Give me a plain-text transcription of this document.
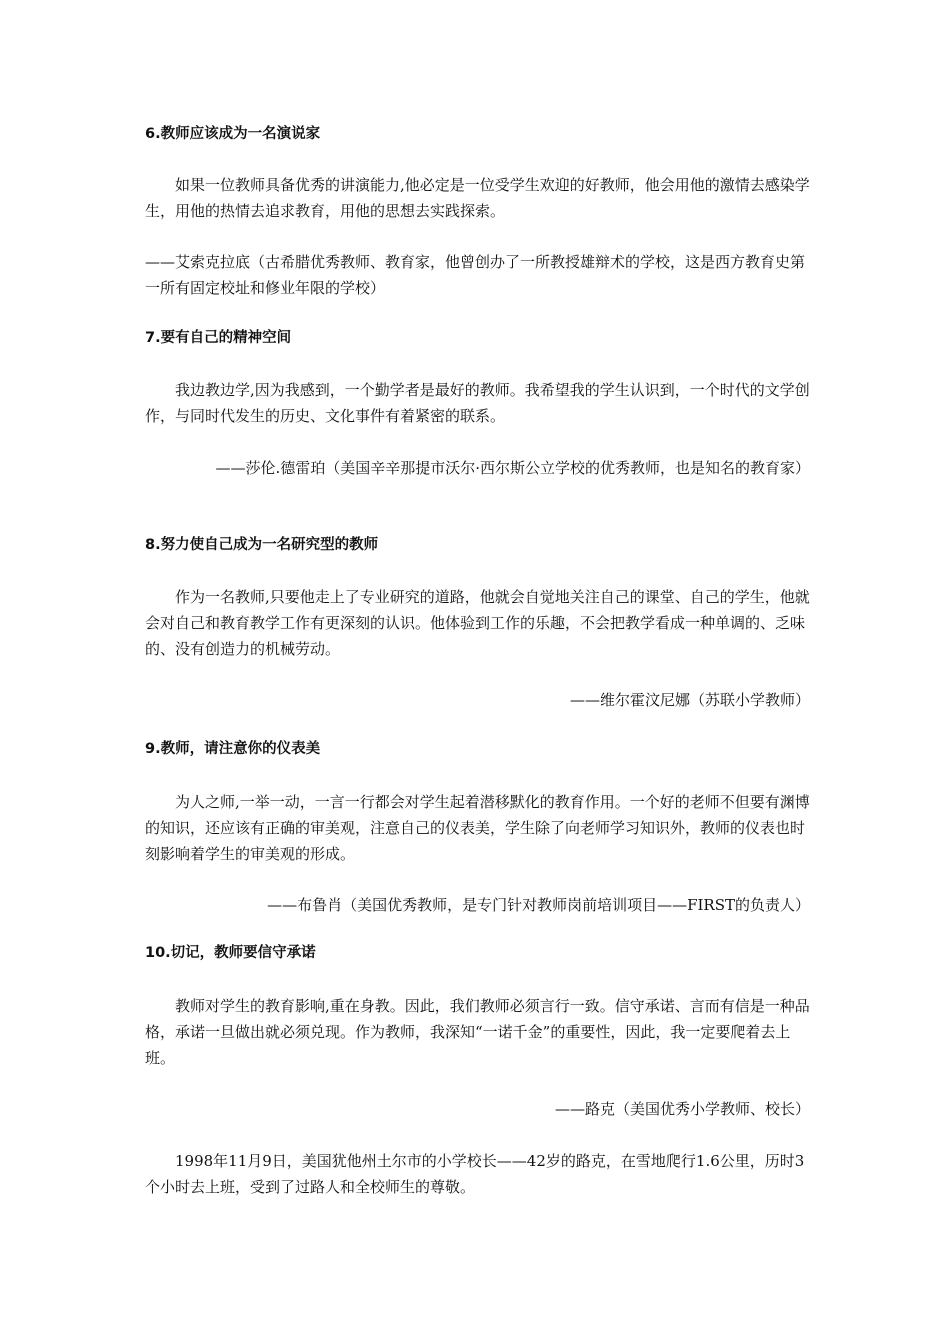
6.教师应该成为一名演说家

　　如果一位教师具备优秀的讲演能力,他必定是一位受学生欢迎的好教师，他会用他的激情去感染学生，用他的热情去追求教育，用他的思想去实践探索。

——艾索克拉底（古希腊优秀教师、教育家，他曾创办了一所教授雄辩术的学校，这是西方教育史第一所有固定校址和修业年限的学校）

7.要有自己的精神空间

　　我边教边学,因为我感到，一个勤学者是最好的教师。我希望我的学生认识到，一个时代的文学创作，与同时代发生的历史、文化事件有着紧密的联系。

——莎伦.德雷珀（美国辛辛那提市沃尔·西尔斯公立学校的优秀教师，也是知名的教育家）

8.努力使自己成为一名研究型的教师

　　作为一名教师,只要他走上了专业研究的道路，他就会自觉地关注自己的课堂、自己的学生，他就会对自己和教育教学工作有更深刻的认识。他体验到工作的乐趣，不会把教学看成一种单调的、乏味的、没有创造力的机械劳动。

——维尔霍汶尼娜（苏联小学教师）

9.教师，请注意你的仪表美

　　为人之师,一举一动，一言一行都会对学生起着潜移默化的教育作用。一个好的老师不但要有渊博的知识，还应该有正确的审美观，注意自己的仪表美，学生除了向老师学习知识外，教师的仪表也时刻影响着学生的审美观的形成。

——布鲁肖（美国优秀教师，是专门针对教师岗前培训项目——FIRST的负责人）

10.切记，教师要信守承诺

　　教师对学生的教育影响,重在身教。因此，我们教师必须言行一致。信守承诺、言而有信是一种品格，承诺一旦做出就必须兑现。作为教师，我深知“一诺千金”的重要性，因此，我一定要爬着去上班。

——路克（美国优秀小学教师、校长）

　　1998年11月9日，美国犹他州土尔市的小学校长——42岁的路克，在雪地爬行1.6公里，历时3个小时去上班，受到了过路人和全校师生的尊敬。
